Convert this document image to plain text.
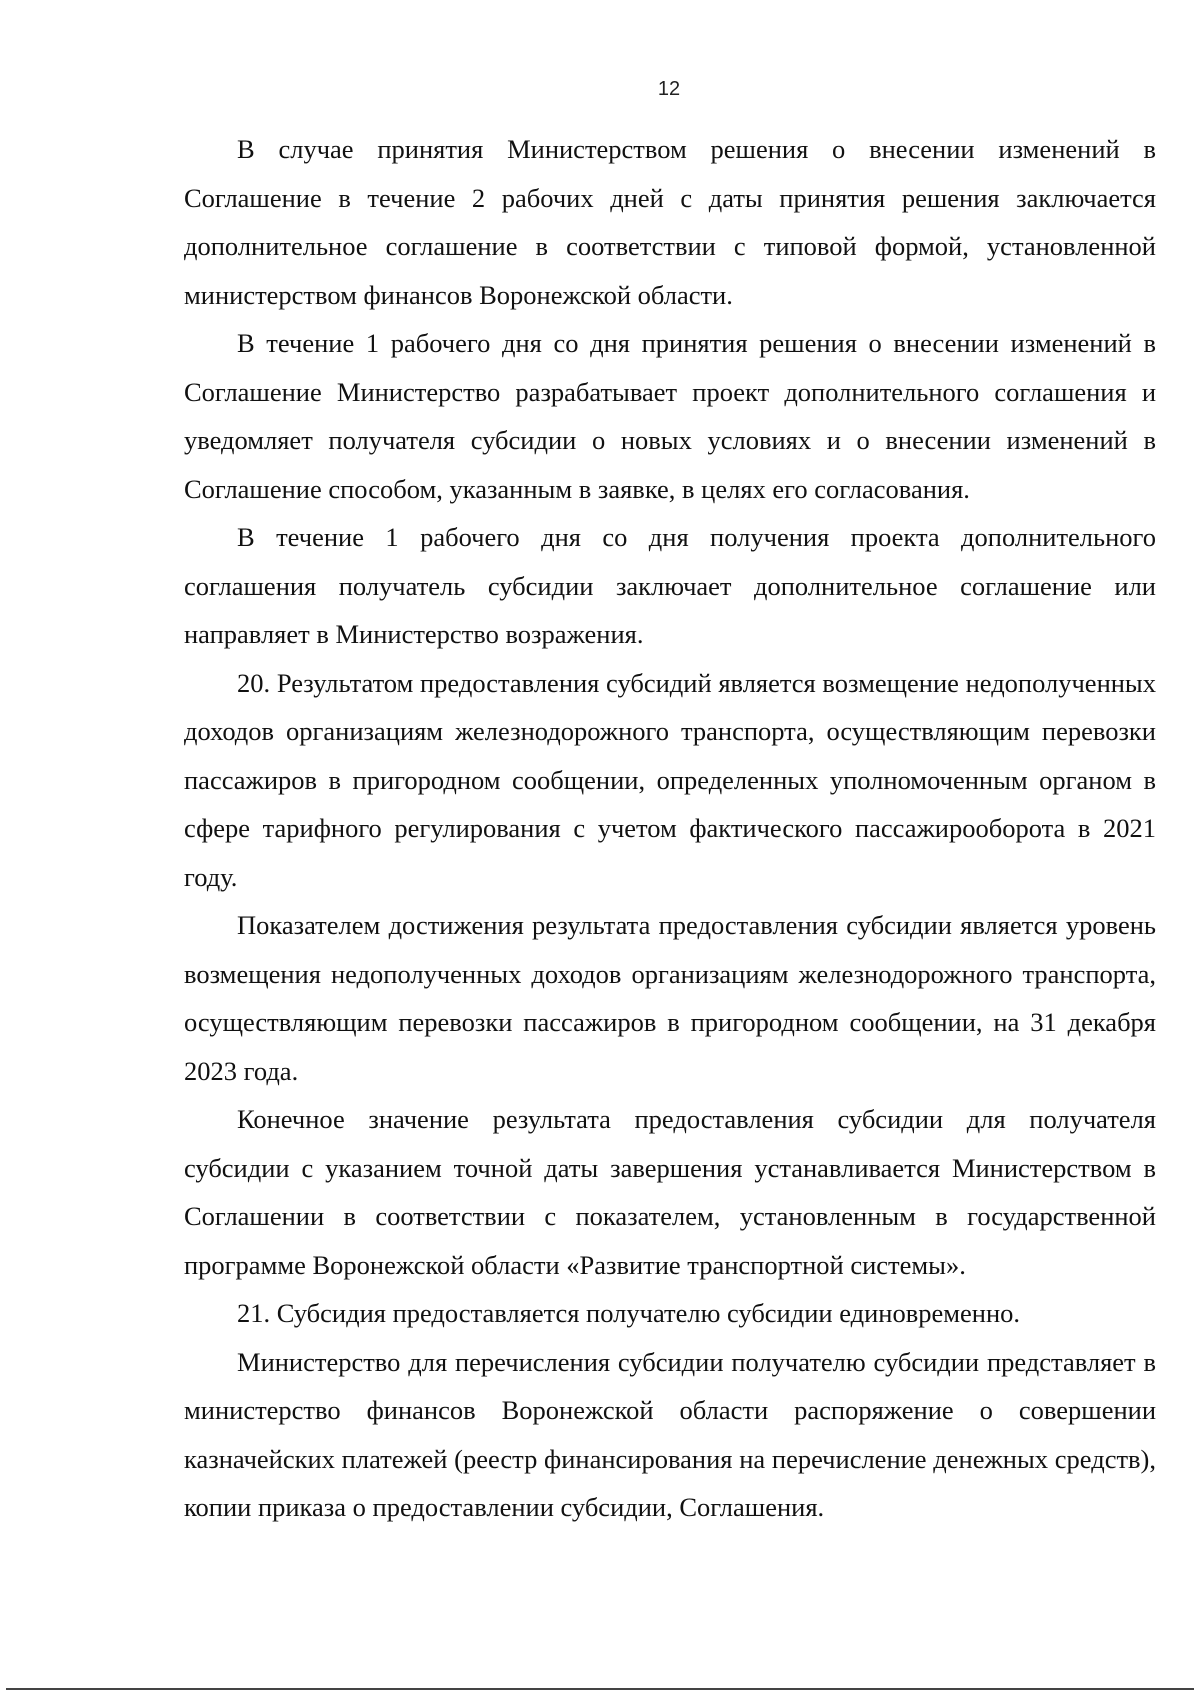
12

В случае принятия Министерством решения о внесении изменений в Соглашение в течение 2 рабочих дней с даты принятия решения заключается дополнительное соглашение в соответствии с типовой формой, установленной министерством финансов Воронежской области.

В течение 1 рабочего дня со дня принятия решения о внесении изменений в Соглашение Министерство разрабатывает проект дополнительного соглашения и уведомляет получателя субсидии о новых условиях и о внесении изменений в Соглашение способом, указанным в заявке, в целях его согласования.

В течение 1 рабочего дня со дня получения проекта дополнительного соглашения получатель субсидии заключает дополнительное соглашение или направляет в Министерство возражения.

20. Результатом предоставления субсидий является возмещение недополученных доходов организациям железнодорожного транспорта, осуществляющим перевозки пассажиров в пригородном сообщении, определенных уполномоченным органом в сфере тарифного регулирования с учетом фактического пассажирооборота в 2021 году.

Показателем достижения результата предоставления субсидии является уровень возмещения недополученных доходов организациям железнодорожного транспорта, осуществляющим перевозки пассажиров в пригородном сообщении, на 31 декабря 2023 года.

Конечное значение результата предоставления субсидии для получателя субсидии с указанием точной даты завершения устанавливается Министерством в Соглашении в соответствии с показателем, установленным в государственной программе Воронежской области «Развитие транспортной системы».

21. Субсидия предоставляется получателю субсидии единовременно.

Министерство для перечисления субсидии получателю субсидии представляет в министерство финансов Воронежской области распоряжение о совершении казначейских платежей (реестр финансирования на перечисление денежных средств), копии приказа о предоставлении субсидии, Соглашения.
